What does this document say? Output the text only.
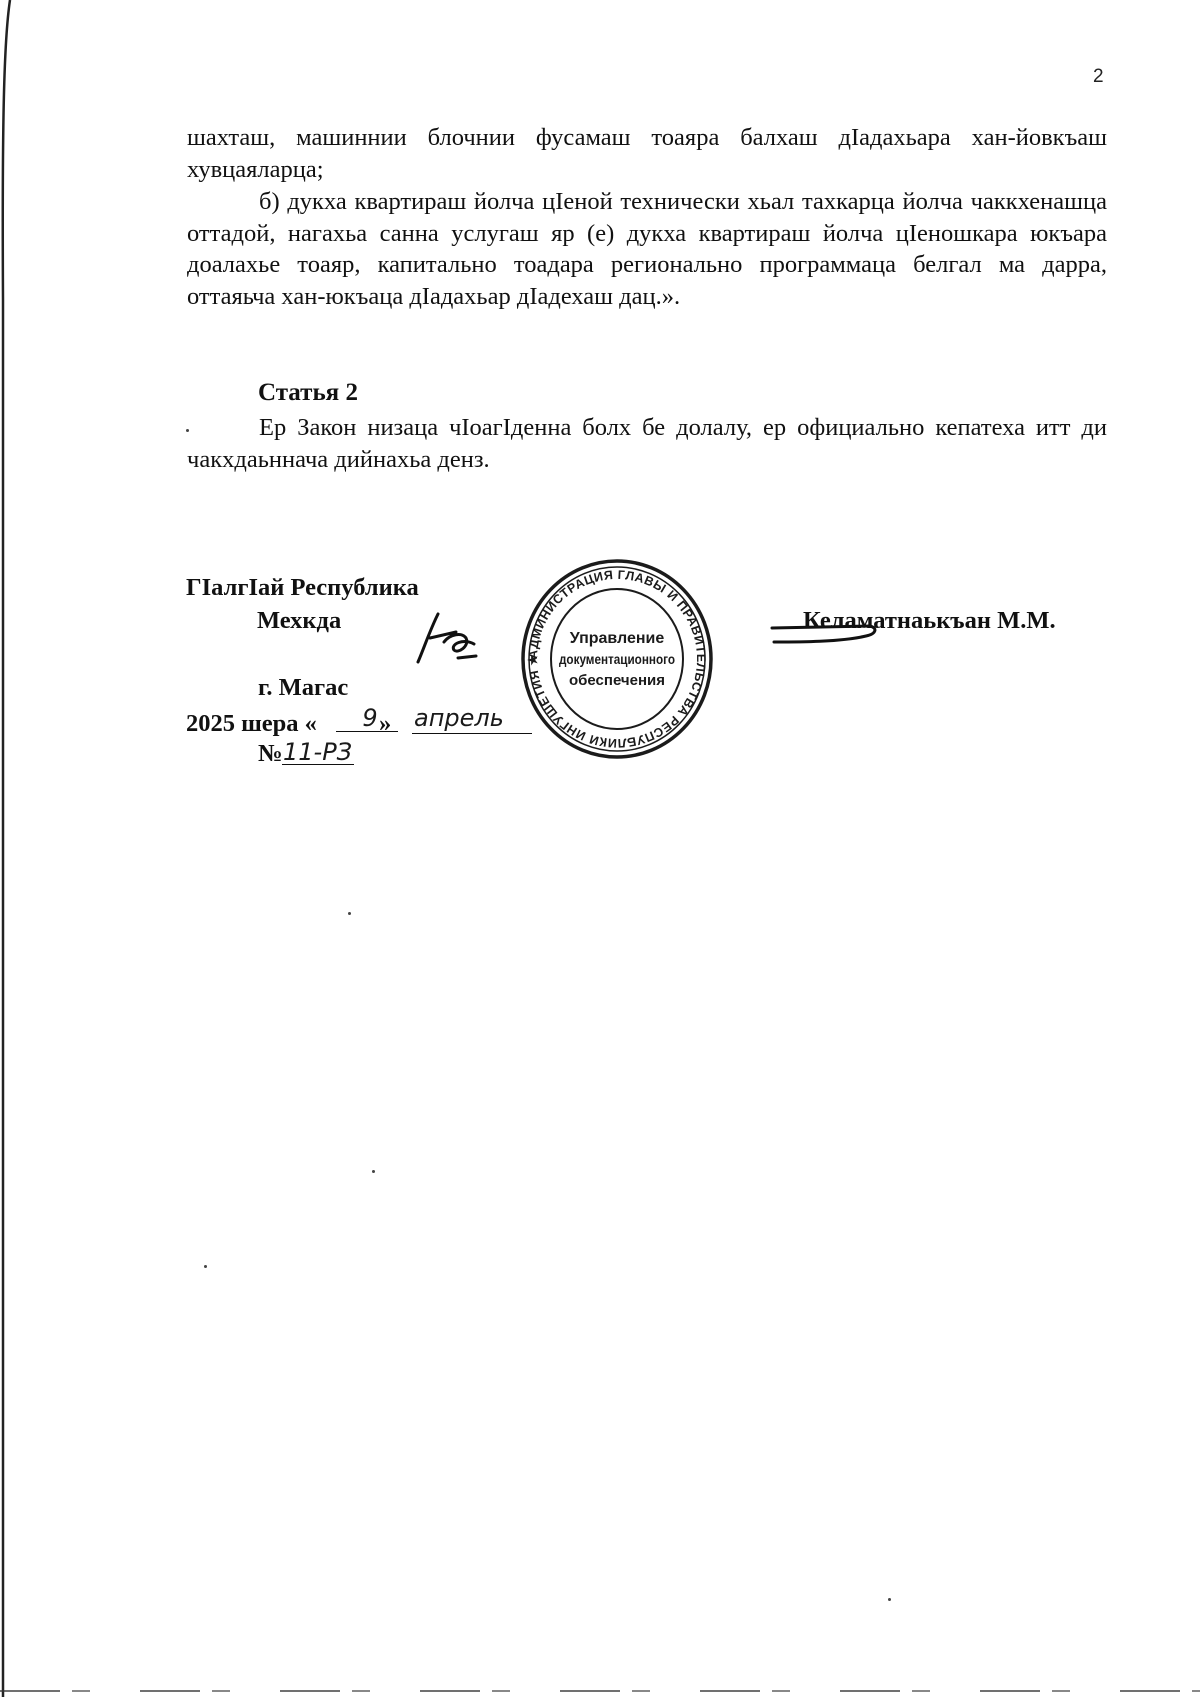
2

шахташ, машиннии блочнии фусамаш тоаяра балхаш дӀадахьара хан-йовкъаш хувцаяларца;

б) дукха квартираш йолча цӀеной технически хьал тахкарца йолча чаккхенашца оттадой, нагахьа санна услугаш яр (е) дукха квартираш йолча цӀеношкара юкъара доалахье тоаяр, капитально тоадара регионально программаца белгал ма дарра, оттаяьча хан-юкъаца дӀадахьар дӀадехаш дац.».

Статья 2

Ер Закон низаца чӀоагӀденна болх бе долалу, ер официально кепатеха итт ди чакхдаьннача дийнахьа денз.

ГӀалгӀай Республика
Мехкда	Келаматнаькъан М.М.
г. Магас
2025 шера «	»
9	апрель
№ 11-РЗ
АДМИНИСТРАЦИЯ ГЛАВЫ И ПРАВИТЕЛЬСТВА РЕСПУБЛИКИ ИНГУШЕТИЯ ★
Управление
документационного
обеспечения
